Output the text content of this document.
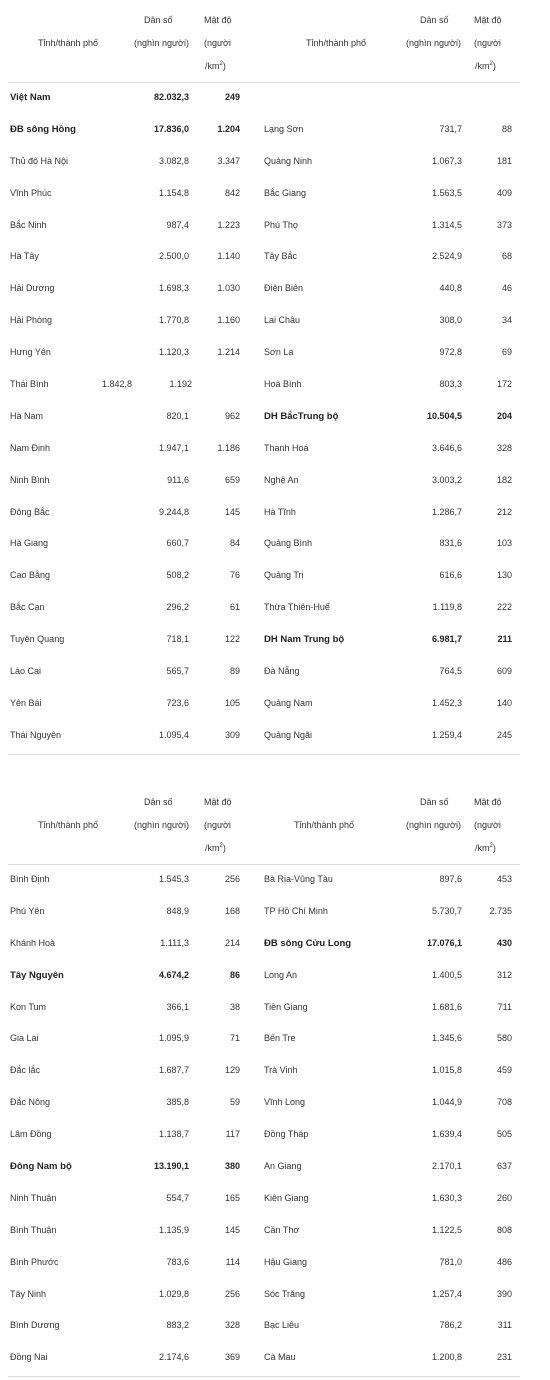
Tỉnh/thành phố
Dân số
(nghìn người)
Mật độ
(người
$/km^2$)
Việt Nam	82.032,3	249
ĐB sông Hồng	17.836,0	1.204
Thủ đô Hà Nội	3.082,8	3.347
Vĩnh Phúc	1.154,8	842
Bắc Ninh	987,4	1.223
Hà Tây	2.500,0	1.140
Hải Dương	1.698,3	1.030
Hải Phòng	1.770,8	1.160
Hưng Yên	1.120,3	1.214
Thái Bình	1.842,8	1.192
Hà Nam	820,1	962
Nam Định	1.947,1	1.186
Ninh Bình	911,6	659
Đông Bắc	9.244,8	145
Hà Giang	660,7	84
Cao Bằng	508,2	76
Bắc Cạn	296,2	61
Tuyên Quang	718,1	122
Lào Cai	565,7	89
Yên Bái	723,6	105
Thái Nguyên	1.095,4	309
Tỉnh/thành phố
Dân số
(nghìn người)
Mật độ
(người
$/km^2$)
Lạng Sơn	731,7	88
Quảng Ninh	1.067,3	181
Bắc Giang	1.563,5	409
Phú Thọ	1.314,5	373
Tây Bắc	2.524,9	68
Điện Biên	440,8	46
Lai Châu	308,0	34
Sơn La	972,8	69
Hoà Bình	803,3	172
DH BắcTrung bộ	10.504,5	204
Thanh Hoá	3.646,6	328
Nghệ An	3.003,2	182
Hà Tĩnh	1.286,7	212
Quảng Bình	831,6	103
Quảng Trị	616,6	130
Thừa Thiên-Huế	1.119,8	222
DH Nam Trung bộ	6.981,7	211
Đà Nẵng	764,5	609
Quảng Nam	1.452,3	140
Quảng Ngãi	1.259,4	245
Tỉnh/thành phố
Dân số
(nghìn người)
Mật độ
(người
$/km^2$)
Bình Định	1.545,3	256
Phú Yên	848,9	168
Khánh Hoà	1.111,3	214
Tây Nguyên	4.674,2	86
Kon Tum	366,1	38
Gia Lai	1.095,9	71
Đắc lắc	1.687,7	129
Đắc Nông	385,8	59
Lâm Đồng	1.138,7	117
Đông Nam bộ	13.190,1	380
Ninh Thuận	554,7	165
Bình Thuận	1.135,9	145
Bình Phước	783,6	114
Tây Ninh	1.029,8	256
Bình Dương	883,2	328
Đồng Nai	2.174,6	369
Tỉnh/thành phố
Dân số
(nghìn người)
Mật độ
(người
$/km^2$)
Bà Rịa-Vũng Tàu	897,6	453
TP Hồ Chí Minh	5.730,7	2.735
ĐB sông Cửu Long	17.076,1	430
Long An	1.400,5	312
Tiền Giang	1.681,6	711
Bến Tre	1.345,6	580
Trà Vinh	1.015,8	459
Vĩnh Long	1.044,9	708
Đồng Tháp	1.639,4	505
An Giang	2.170,1	637
Kiên Giang	1.630,3	260
Cần Thơ	1.122,5	808
Hậu Giang	781,0	486
Sóc Trăng	1.257,4	390
Bạc Liêu	786,2	311
Cà Mau	1.200,8	231
